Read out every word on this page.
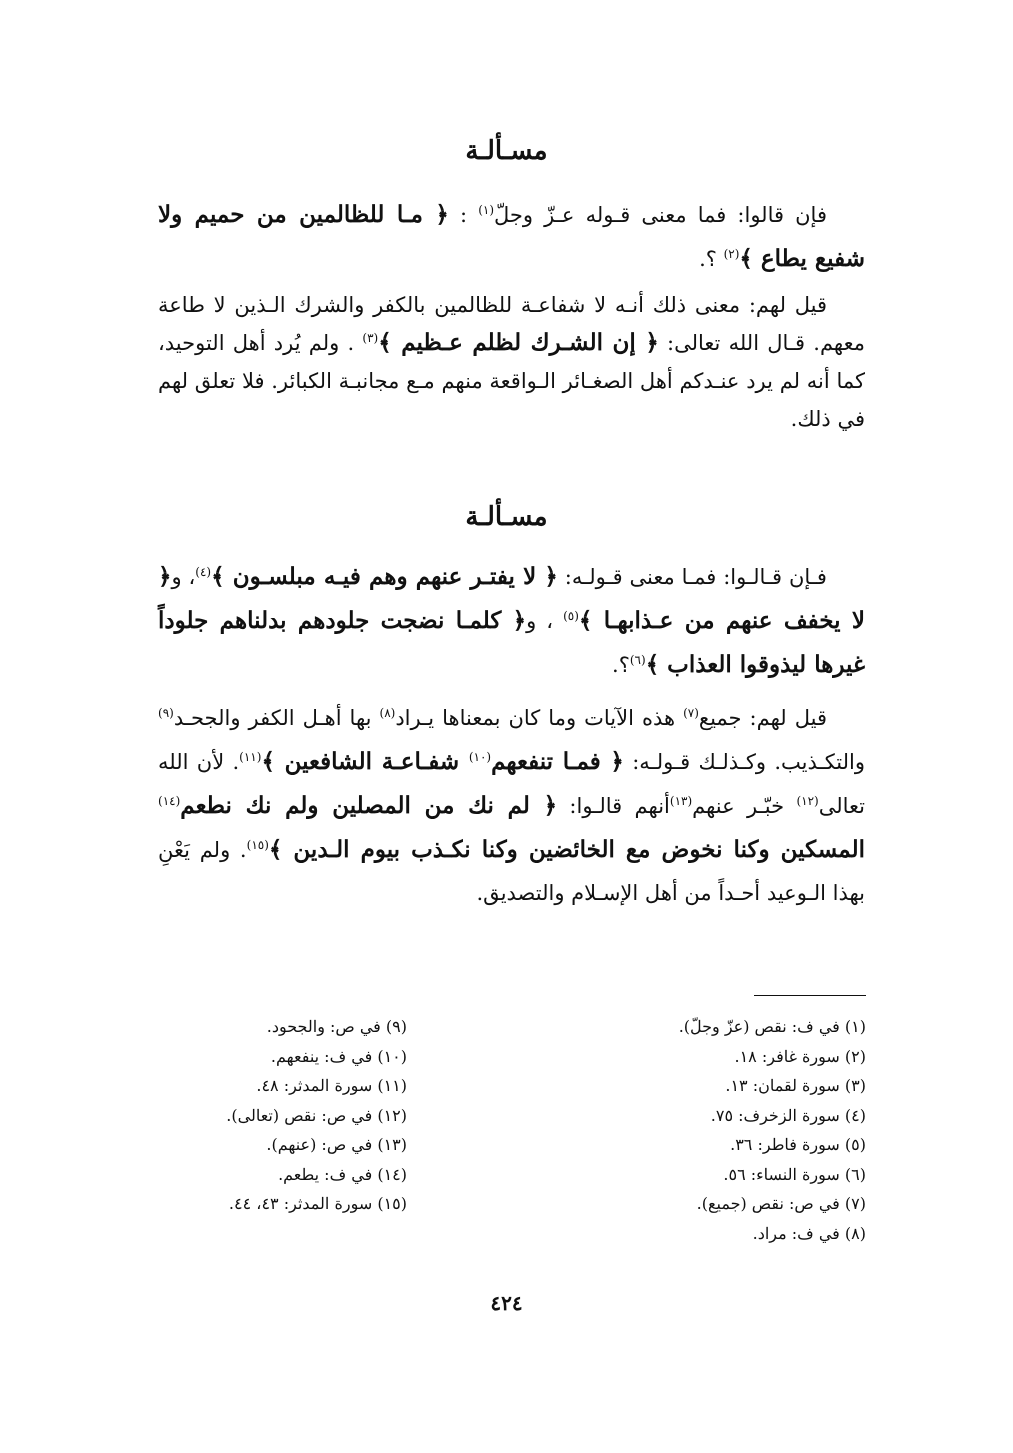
مسـألـة

فإن قالوا: فما معنى قـوله عـزّ وجلّ$^{(١)}$ : ﴿ مـا للظالمين من حميم ولا شفيع يطاع ﴾$^{(٢)}$ ؟.

قيل لهم: معنى ذلك أنـه لا شفاعـة للظالمين بالكفر والشرك الـذين لا طاعة معهم. قـال الله تعالى: ﴿ إن الشـرك لظلم عـظيم ﴾$^{(٣)}$ . ولم يُرد أهل التوحيد، كما أنه لم يرد عنـدكم أهل الصغـائر الـواقعة منهم مـع مجانبـة الكبائر. فلا تعلق لهم في ذلك.

مسـألـة

فـإن قـالـوا: فمـا معنى قـولـه: ﴿ لا يفتـر عنهم وهم فيـه مبلسـون ﴾$^{(٤)}$، و﴿ لا يخفف عنهم من عـذابهـا ﴾$^{(٥)}$ ، و﴿ كلمـا نضجت جلودهم بدلناهم جلوداً غيرها ليذوقوا العذاب ﴾$^{(٦)}$؟.

قيل لهم: جميع$^{(٧)}$ هذه الآيات وما كان بمعناها يـراد$^{(٨)}$ بها أهـل الكفر والجحـد$^{(٩)}$ والتكـذيب. وكـذلـك قـولـه: ﴿ فمـا تنفعهم$^{(١٠)}$ شفـاعـة الشافعين ﴾$^{(١١)}$. لأن الله تعالى$^{(١٢)}$ خبّـر عنهم$^{(١٣)}$أنهم قالـوا: ﴿ لم نك من المصلين ولم نك نطعم$^{(١٤)}$ المسكين وكنا نخوض مع الخائضين وكنا نكـذب بيوم الـدين ﴾$^{(١٥)}$. ولم يَعْنِ بهذا الـوعيد أحـداً من أهل الإسـلام والتصديق.

(١) في ف: نقص (عزّ وجلّ).
(٢) سورة غافر: ١٨.
(٣) سورة لقمان: ١٣.
(٤) سورة الزخرف: ٧٥.
(٥) سورة فاطر: ٣٦.
(٦) سورة النساء: ٥٦.
(٧) في ص: نقص (جميع).
(٨) في ف: مراد.
(٩) في ص: والجحود.
(١٠) في ف: ينفعهم.
(١١) سورة المدثر: ٤٨.
(١٢) في ص: نقص (تعالى).
(١٣) في ص: (عنهم).
(١٤) في ف: يطعم.
(١٥) سورة المدثر: ٤٣، ٤٤.
٤٢٤
